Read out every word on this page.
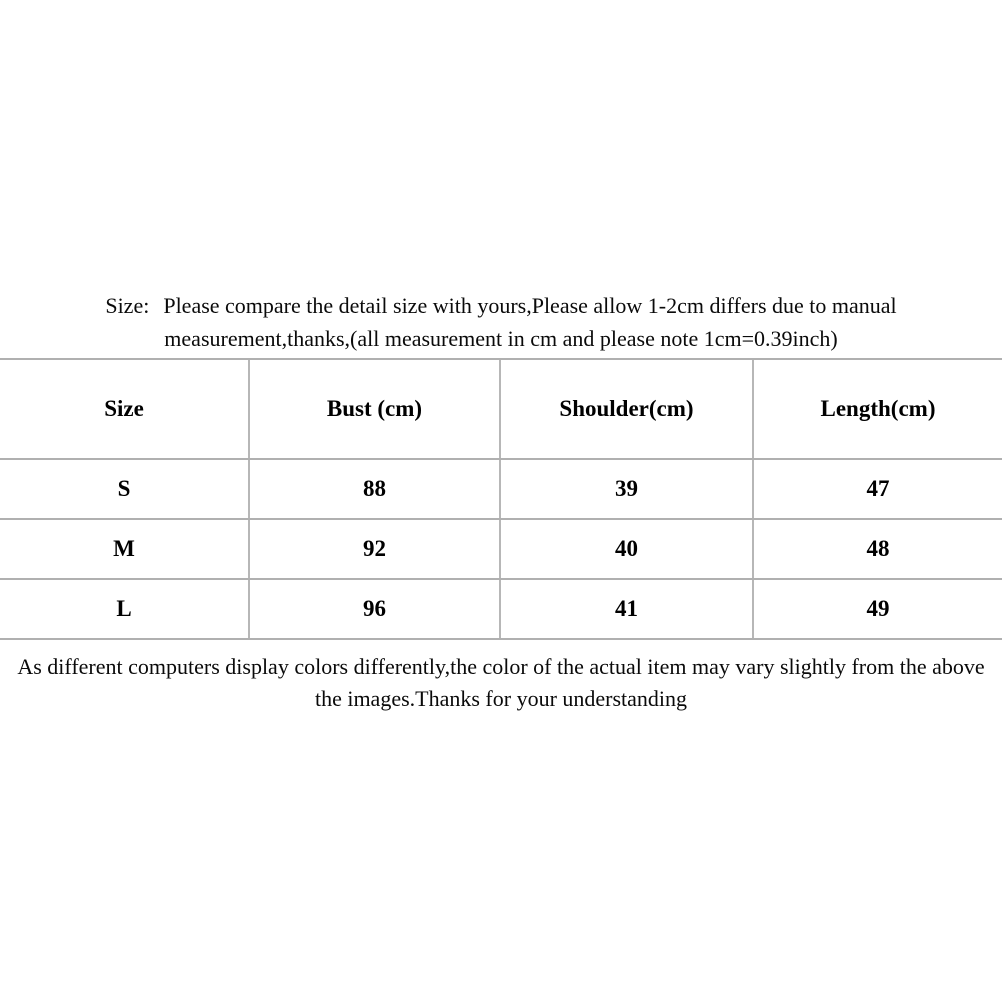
Size: Please compare the detail size with yours,Please allow 1-2cm differs due to manual
measurement,thanks,(all measurement in cm and please note 1cm=0.39inch)
Size	Bust (cm)	Shoulder(cm)	Length(cm)
S	88	39	47
M	92	40	48
L	96	41	49
As different computers display colors differently,the color of the actual item may vary slightly from the above
the images.Thanks for your understanding
